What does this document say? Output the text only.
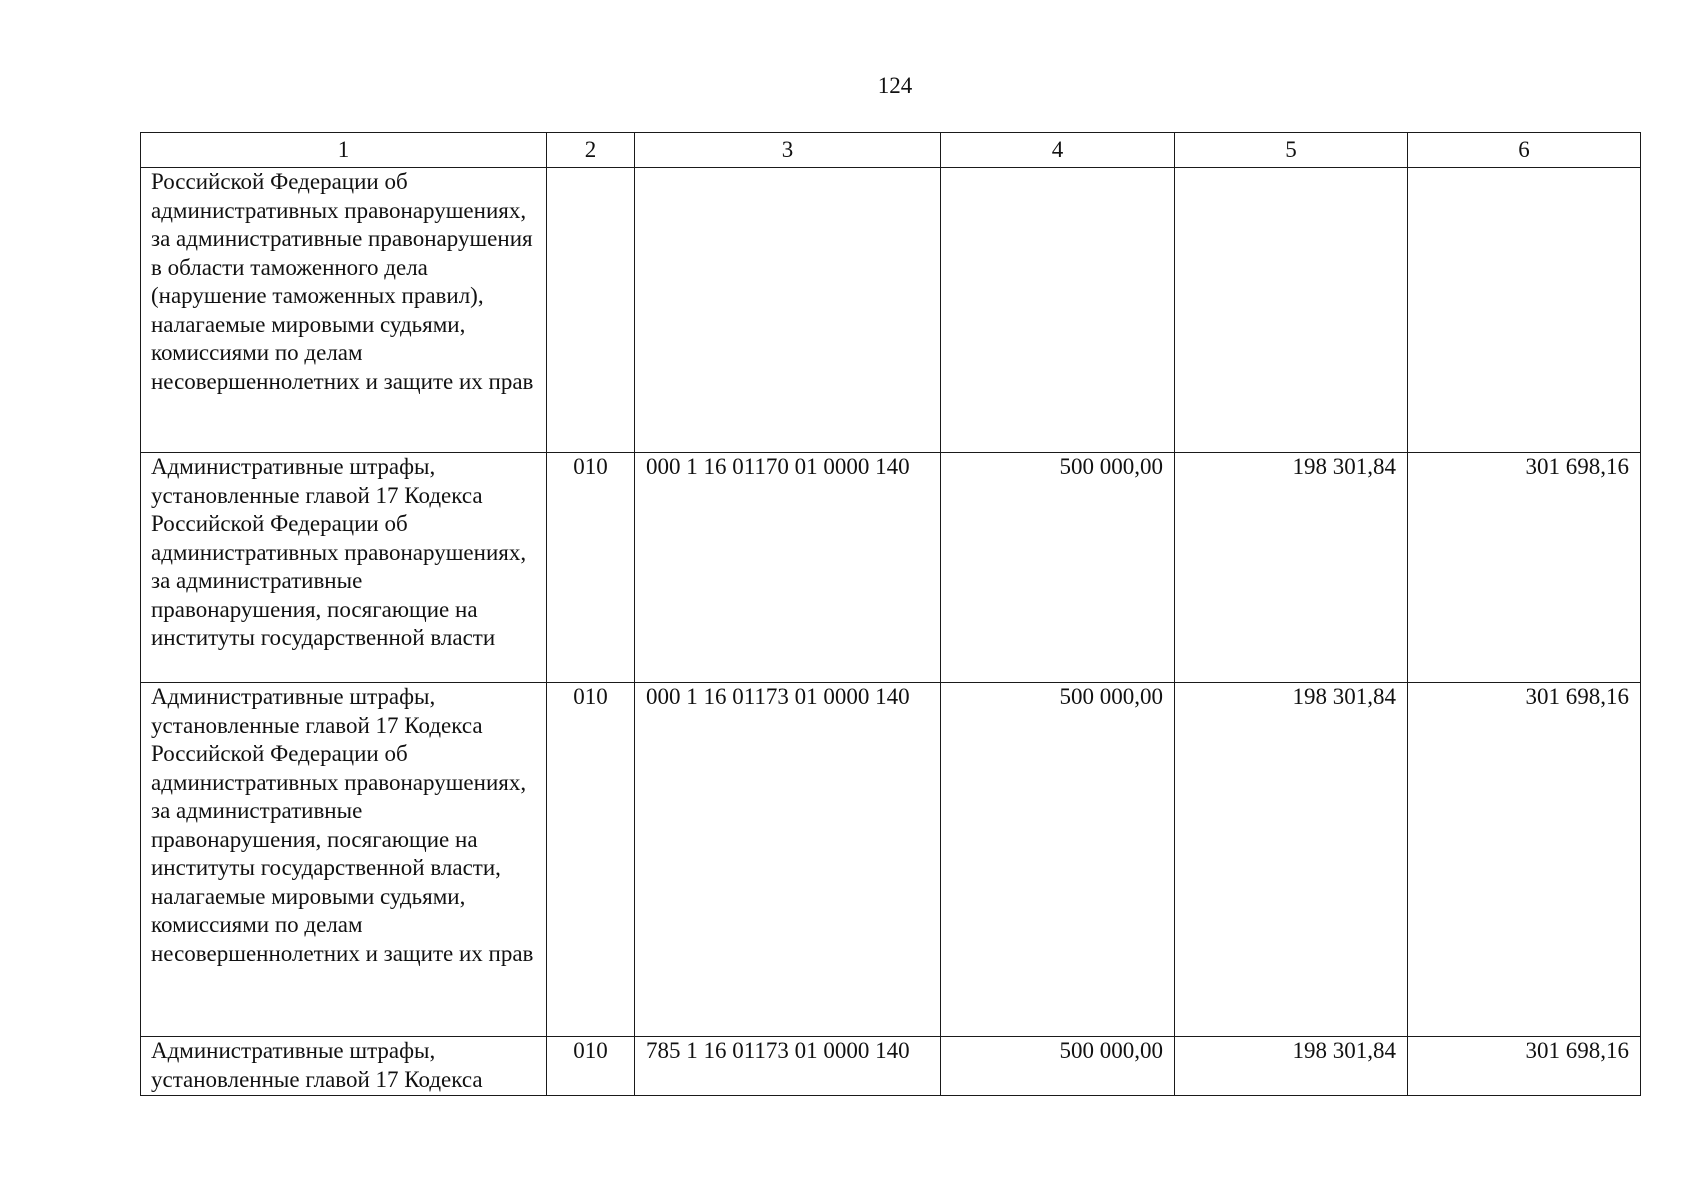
124
1	2	3	4	5	6
Российской Федерации об административных правонарушениях, за административные правонарушения в области таможенного дела (нарушение таможенных правил), налагаемые мировыми судьями, комиссиями по делам несовершеннолетних и защите их прав					
Административные штрафы, установленные главой 17 Кодекса Российской Федерации об административных правонарушениях, за административные правонарушения, посягающие на институты государственной власти	010	000 1 16 01170 01 0000 140	500 000,00	198 301,84	301 698,16
Административные штрафы, установленные главой 17 Кодекса Российской Федерации об административных правонарушениях, за административные правонарушения, посягающие на институты государственной власти, налагаемые мировыми судьями, комиссиями по делам несовершеннолетних и защите их прав	010	000 1 16 01173 01 0000 140	500 000,00	198 301,84	301 698,16
Административные штрафы, установленные главой 17 Кодекса	010	785 1 16 01173 01 0000 140	500 000,00	198 301,84	301 698,16
